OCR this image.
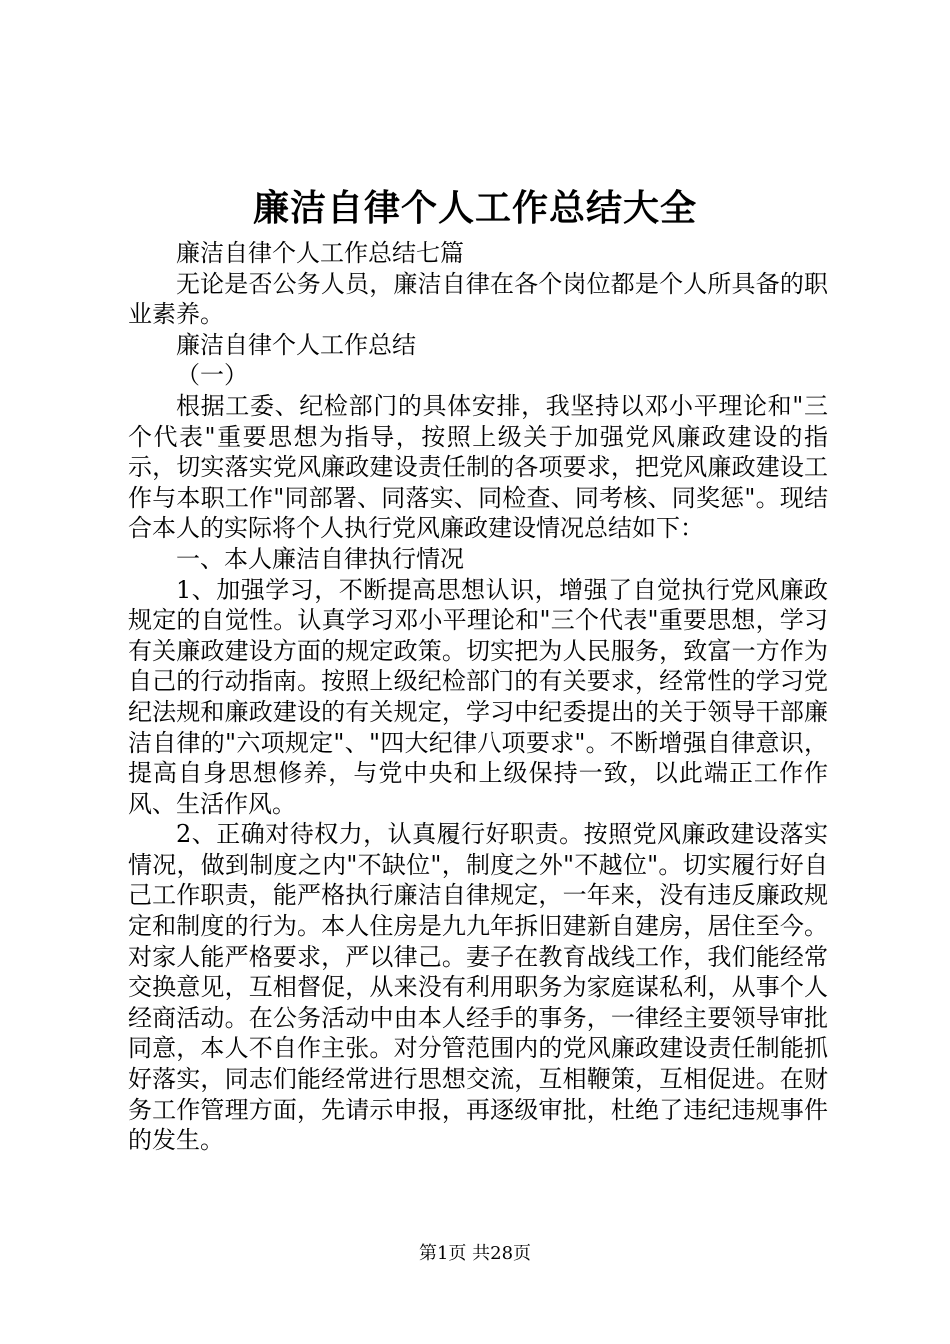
廉洁自律个人工作总结大全

廉洁自律个人工作总结七篇

无论是否公务人员，廉洁自律在各个岗位都是个人所具备的职业素养。

廉洁自律个人工作总结

（一）

根据工委、纪检部门的具体安排，我坚持以邓小平理论和"三个代表"重要思想为指导，按照上级关于加强党风廉政建设的指示，切实落实党风廉政建设责任制的各项要求，把党风廉政建设工作与本职工作"同部署、同落实、同检查、同考核、同奖惩"。现结合本人的实际将个人执行党风廉政建设情况总结如下：

一、本人廉洁自律执行情况

1、加强学习，不断提高思想认识，增强了自觉执行党风廉政规定的自觉性。认真学习邓小平理论和"三个代表"重要思想，学习有关廉政建设方面的规定政策。切实把为人民服务，致富一方作为自己的行动指南。按照上级纪检部门的有关要求，经常性的学习党纪法规和廉政建设的有关规定，学习中纪委提出的关于领导干部廉洁自律的"六项规定"、"四大纪律八项要求"。不断增强自律意识，提高自身思想修养，与党中央和上级保持一致，以此端正工作作风、生活作风。

2、正确对待权力，认真履行好职责。按照党风廉政建设落实情况，做到制度之内"不缺位"，制度之外"不越位"。切实履行好自己工作职责，能严格执行廉洁自律规定，一年来，没有违反廉政规定和制度的行为。本人住房是九九年拆旧建新自建房，居住至今。对家人能严格要求，严以律己。妻子在教育战线工作，我们能经常交换意见，互相督促，从来没有利用职务为家庭谋私利，从事个人经商活动。在公务活动中由本人经手的事务，一律经主要领导审批同意，本人不自作主张。对分管范围内的党风廉政建设责任制能抓好落实，同志们能经常进行思想交流，互相鞭策，互相促进。在财务工作管理方面，先请示申报，再逐级审批，杜绝了违纪违规事件的发生。

第1页 共28页
